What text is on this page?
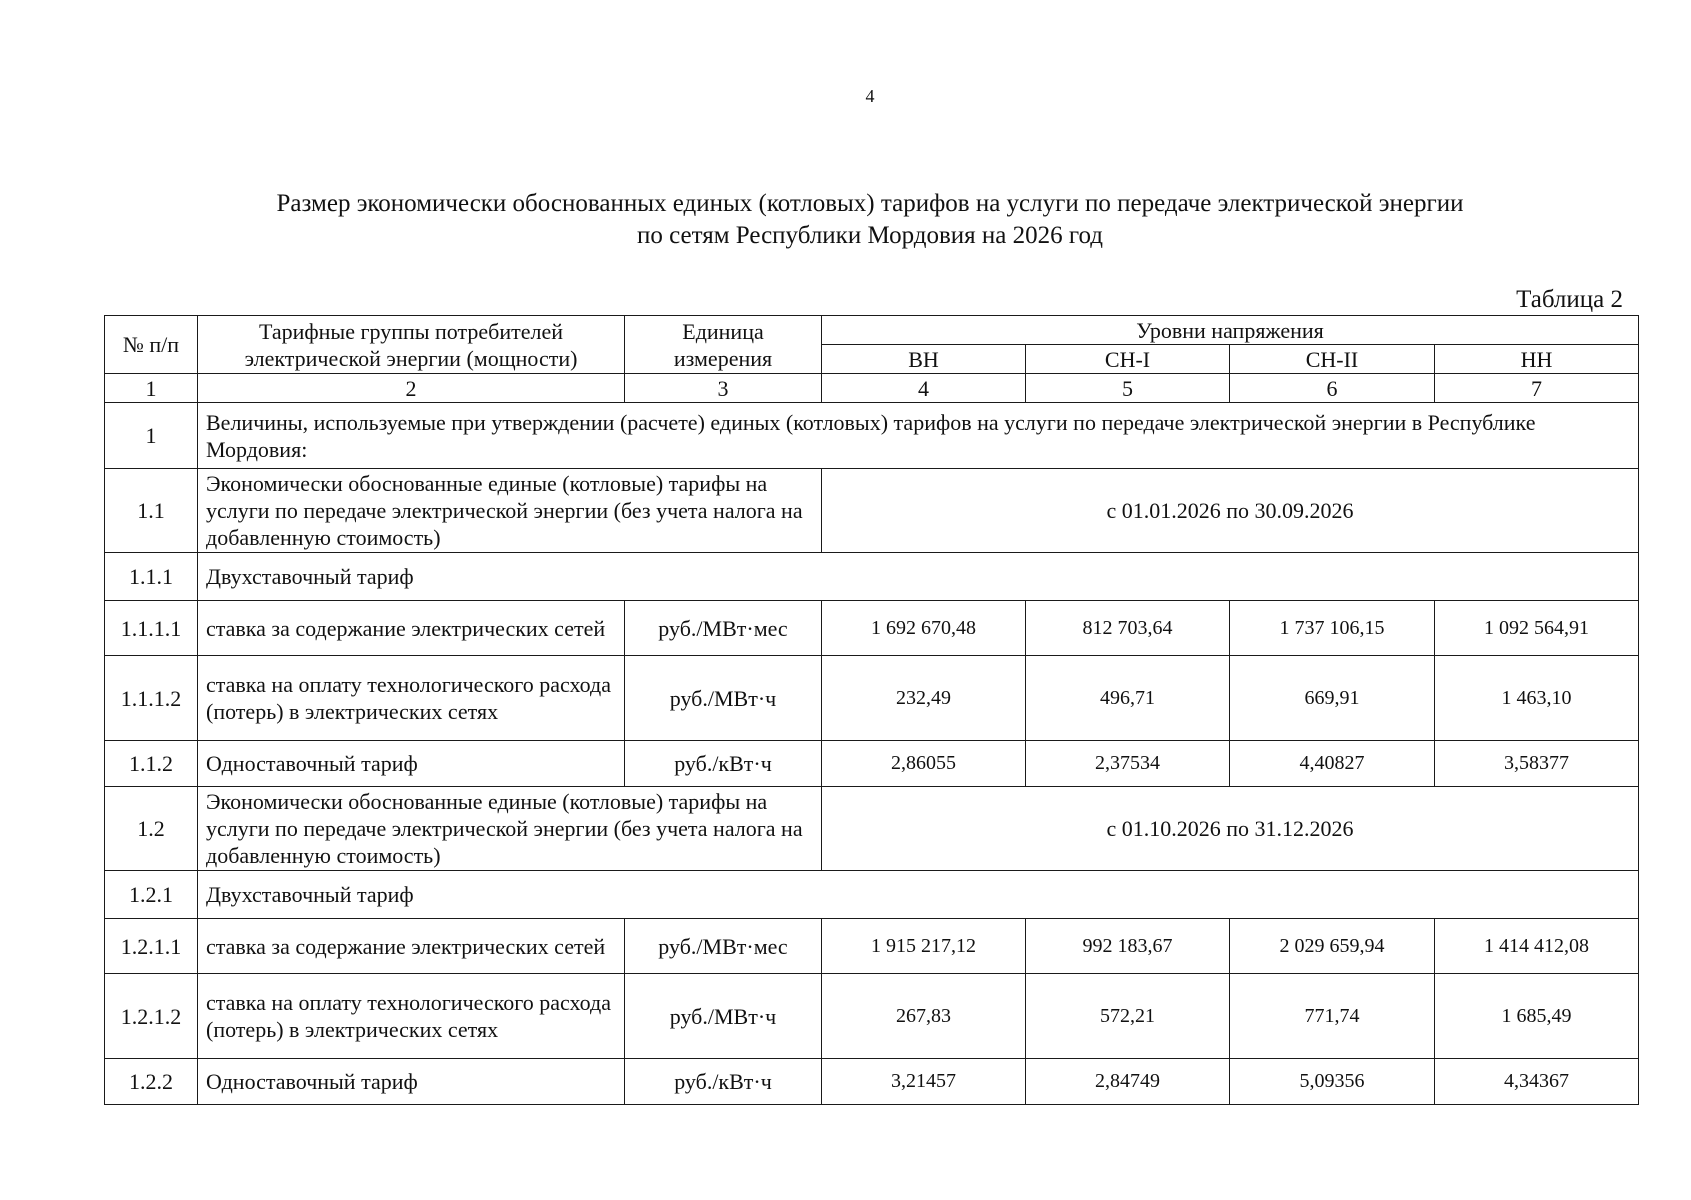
4
Размер экономически обоснованных единых (котловых) тарифов на услуги по передаче электрической энергии
по сетям Республики Мордовия на 2026 год
Таблица 2
№ п/п	Тарифные группы потребителей электрической энергии (мощности)	Единица измерения	Уровни напряжения			
			ВН	СН-I	СН-II	НН
1	2	3	4	5	6	7
1	Величины, используемые при утверждении (расчете) единых (котловых) тарифов на услуги по передаче электрической энергии в Республике Мордовия:					
1.1	Экономически обоснованные единые (котловые) тарифы на услуги по передаче электрической энергии (без учета налога на добавленную стоимость)		с 01.01.2026 по 30.09.2026			
1.1.1	Двухставочный тариф					
1.1.1.1	ставка за содержание электрических сетей	руб./МВт·мес	1 692 670,48	812 703,64	1 737 106,15	1 092 564,91
1.1.1.2	ставка на оплату технологического расхода (потерь) в электрических сетях	руб./МВт·ч	232,49	496,71	669,91	1 463,10
1.1.2	Одноставочный тариф	руб./кВт·ч	2,86055	2,37534	4,40827	3,58377
1.2	Экономически обоснованные единые (котловые) тарифы на услуги по передаче электрической энергии (без учета налога на добавленную стоимость)		с 01.10.2026 по 31.12.2026			
1.2.1	Двухставочный тариф					
1.2.1.1	ставка за содержание электрических сетей	руб./МВт·мес	1 915 217,12	992 183,67	2 029 659,94	1 414 412,08
1.2.1.2	ставка на оплату технологического расхода (потерь) в электрических сетях	руб./МВт·ч	267,83	572,21	771,74	1 685,49
1.2.2	Одноставочный тариф	руб./кВт·ч	3,21457	2,84749	5,09356	4,34367
